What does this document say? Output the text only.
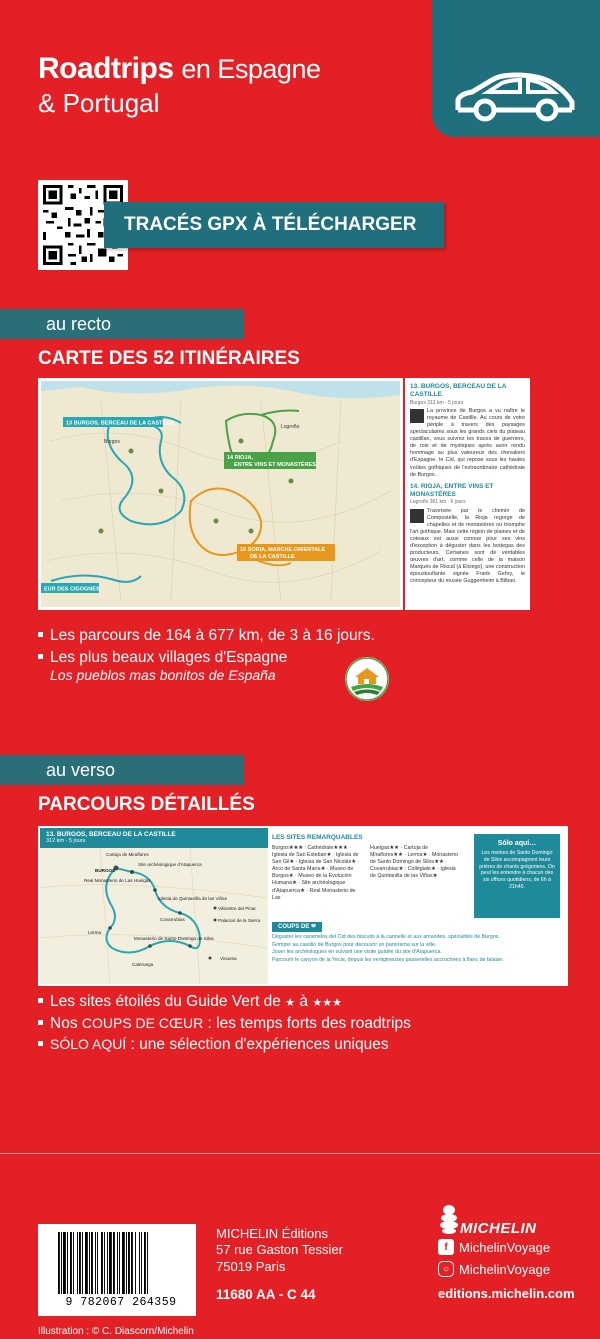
Roadtrips en Espagne
& Portugal
TRACÉS GPX À TÉLÉCHARGER
au recto
CARTE DES 52 ITINÉRAIRES
13 BURGOS, BERCEAU DE LA CASTILLE
14 RIOJA,
ENTRE VINS ET MONASTÈRES
15 SORIA, MARCHE ORIENTALE
DE LA CASTILLE
EUR DES CIGOGNES
Logroño
Burgos
13. BURGOS, BERCEAU DE LA CASTILLE
Burgos 312 km · 5 jours

La province de Burgos a vu naître le royaume de Castille. Au cours de votre périple à travers des paysages spectaculaires sous les grands ciels du plateau castillan, vous suivrez les traces de guerriers, de rois et de mystiques après avoir rendu hommage au plus valeureux des chevaliers d'Espagne, le Cid, qui repose sous les hautes voûtes gothiques de l'extraordinaire cathédrale de Burgos.

14. RIOJA, ENTRE VINS ET MONASTÈRES
Logroño 361 km · 6 jours

Traversée par le chemin de Compostelle, la Rioja regorge de chapelles et de monastères où triomphe l'art gothique. Mais cette région de plaines et de coteaux est aussi connue pour ses vins d'exception à déguster dans les bodegas des producteurs. Certaines sont de véritables œuvres d'art, comme celle de la maison Marqués de Riscal (à Elciego), une construction époustouflante signée Frank Gehry, le concepteur du musée Guggenheim à Bilbao.

Les parcours de 164 à 677 km, de 3 à 16 jours.
Les plus beaux villages d'Espagne
Los pueblos mas bonitos de España
au verso
PARCOURS DÉTAILLÉS
Site archéologique d'Atapuerca
Cartuja de Miraflores
Real Monasterio de Las Huelgas
BURGOS
Iglesia de Quintanilla de las Viñas
Covarrubias
Lerma
Monasterio de Santo Domingo de Silos
Caleruega
Vinuesa
Vilviestre del Pinar
Palacios de la Sierra
13. BURGOS, BERCEAU DE LA CASTILLE
312 km · 5 jours
LES SITES REMARQUABLES
Burgos★★★ : Cathédrale★★★ · Iglesia de San Esteban★ · Iglesia de San Gil★ · Iglesia de San Nicolás★ · Arco de Santa María★ · Museo de Burgos★ · Museo de la Evolución Humana★ · Site archéologique d'Atapuerca★ · Real Monasterio de Las
Huelgas★★ · Cartuja de Miraflores★★ · Lerma★ · Monasterio de Santo Domingo de Silos★★ · Covarrubias★ : Collégiale★ · Iglesia de Quintanilla de las Viñas★
COUPS DE ❤
Déguster les caramelos del Cid des biscuits à la cannelle et aux amandes, spécialités de Burgos.
Grimper au castillo de Burgos pour découvrir un panorama sur la ville.
Jouer les archéologues en suivant une visite guidée du site d'Atapuerca.
Parcourir le canyon de la Yecla, depuis les vertigineuses passerelles accrochées à flanc de falaise.
Sólo aquí…
Les moines de Santo Domingo de Silos accompagnent leurs prières de chants grégoriens. On peut les entendre à chacun des six offices quotidiens, de 6h à 21h40.
Les sites étoilés du Guide Vert de ★ à ★★★
Nos COUPS DE CŒUR : les temps forts des roadtrips
SÓLO AQUÍ : une sélection d'expériences uniques
9 782067 264359
MICHELIN Éditions
57 rue Gaston Tessier
75019 Paris
11680 AA - C 44
Illustration : © C. Diascorn/Michelin
MICHELIN
f MichelinVoyage
○ MichelinVoyage
editions.michelin.com
